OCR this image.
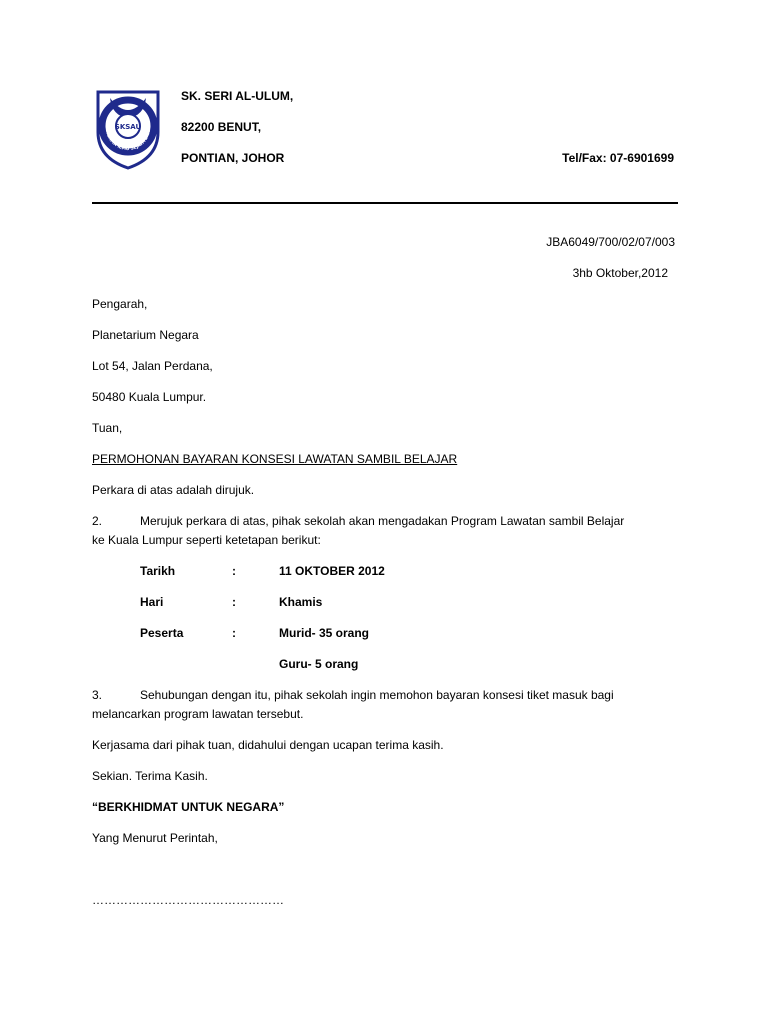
SKSAU
AGAMA ILMU SEJAHTERA
SK. SERI AL-ULUM,
82200 BENUT,
PONTIAN, JOHOR	Tel/Fax: 07-6901699
JBA6049/700/02/07/003
3hb Oktober,2012
Pengarah,
Planetarium Negara
Lot 54, Jalan Perdana,
50480 Kuala Lumpur.
Tuan,
PERMOHONAN BAYARAN KONSESI LAWATAN SAMBIL BELAJAR
Perkara di atas adalah dirujuk.
2.	Merujuk perkara di atas, pihak sekolah akan mengadakan Program Lawatan sambil Belajar
ke Kuala Lumpur seperti ketetapan berikut:
Tarikh	:	11 OKTOBER 2012
Hari	:	Khamis
Peserta	:	Murid- 35 orang
Guru- 5 orang
3.	Sehubungan dengan itu, pihak sekolah ingin memohon bayaran konsesi tiket masuk bagi
melancarkan program lawatan tersebut.
Kerjasama dari pihak tuan, didahului dengan ucapan terima kasih.
Sekian. Terima Kasih.
“BERKHIDMAT UNTUK NEGARA”
Yang Menurut Perintah,
…………………………………………
